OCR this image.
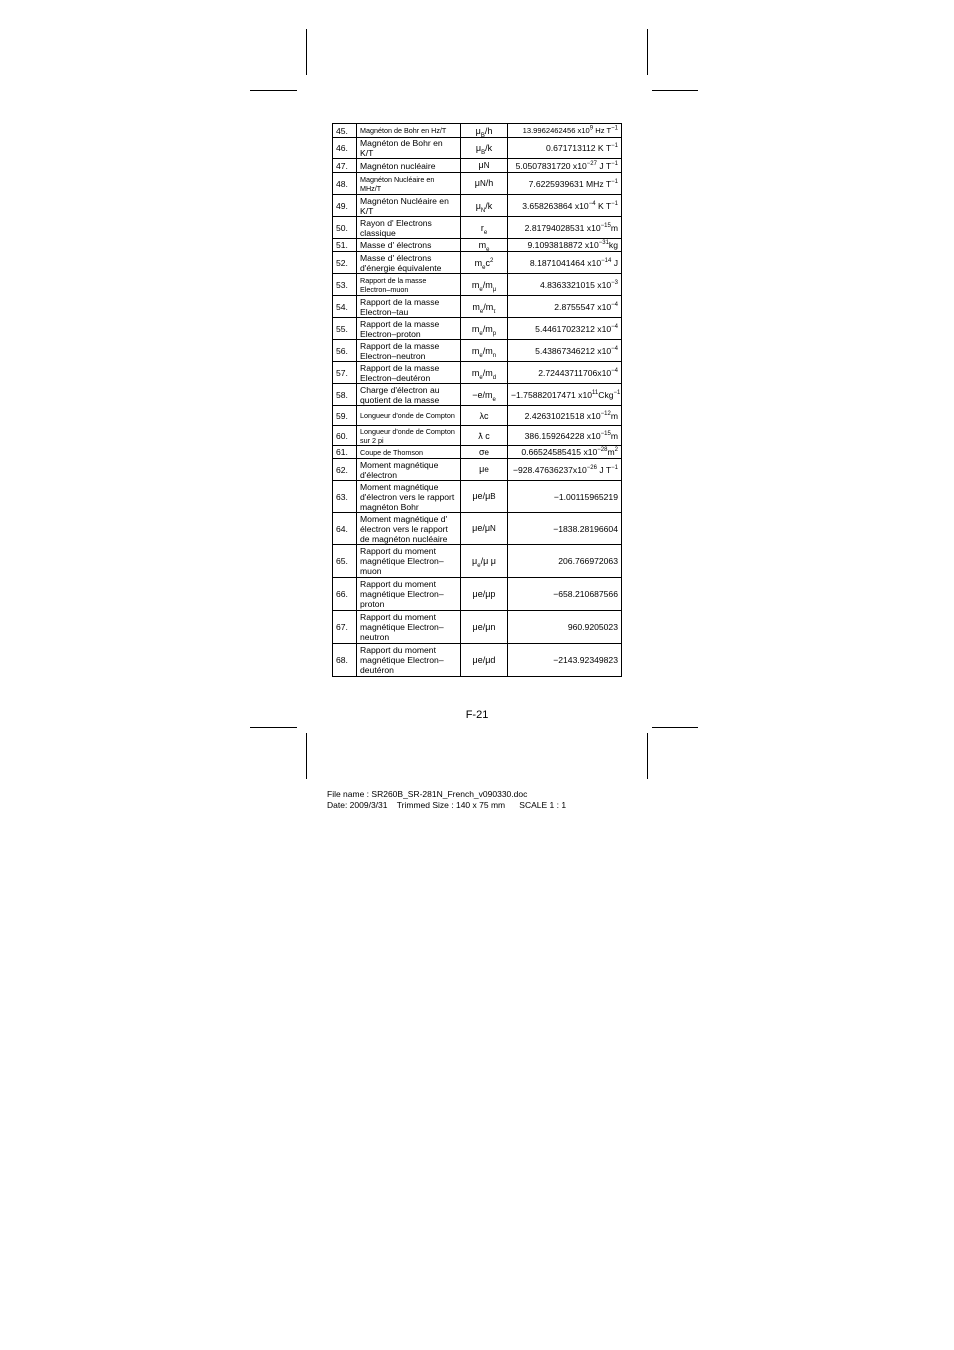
45.	Magnéton de Bohr en Hz/T	$\mu_B/h$	13.9962462456 $x10^9$ Hz $T^{-1}$
46.	Magnéton de Bohr en K/T	$\mu_B/k$	0.671713112 K $T^{-1}$
47.	Magnéton nucléaire	μN	5.0507831720 $x10^{-27}$ J $T^{-1}$
48.	Magnéton Nucléaire en MHz/T	μN/h	7.6225939631 MHz $T^{-1}$
49.	Magnéton Nucléaire en K/T	$\mu_N/k$	3.658263864 $x10^{-4}$ K $T^{-1}$
50.	Rayon d' Electrons classique	$r_e$	2.81794028531 $x10^{-15}m$
51.	Masse d' électrons	$m_e$	9.1093818872 $x10^{-31}kg$
52.	Masse d' électrons d'énergie équivalente	$m_ec^2$	8.1871041464 $x10^{-14}$ J
53.	Rapport de la masse Electron–muon	$m_e/m_\mu$	4.8363321015 $x10^{-3}$
54.	Rapport de la masse Electron–tau	$m_e/m_\tau$	2.8755547 $x10^{-4}$
55.	Rapport de la masse Electron–proton	$m_e/m_p$	5.44617023212 $x10^{-4}$
56.	Rapport de la masse Electron–neutron	$m_e/m_n$	5.43867346212 $x10^{-4}$
57.	Rapport de la masse Electron–deutéron	$m_e/m_d$	$2.72443711706x10^{-4}$
58.	Charge d'électron au quotient de la masse	$-e/m_e$	−1.75882017471 $x10^{11}Ckg^{-1}$
59.	Longueur d'onde de Compton	λc	2.42631021518 $x10^{-12}m$
60.	Longueur d'onde de Compton sur 2 pi	ƛ c	386.159264228 $x10^{-15}m$
61.	Coupe de Thomson	σe	0.66524585415 $x10^{-28}m^2$
62.	Moment magnétique d'électron	μe	$-928.47636237x10^{-26}$ J $T^{-1}$
63.	Moment magnétique d'électron vers le rapport magnéton Bohr	μe/μB	−1.00115965219
64.	Moment magnétique d' électron vers le rapport de magnéton nucléaire	μe/μN	−1838.28196604
65.	Rapport du moment magnétique Electron–muon	$\mu_e/\mu$ μ	206.766972063
66.	Rapport du moment magnétique Electron–proton	μe/μp	−658.210687566
67.	Rapport du moment magnétique Electron–neutron	μe/μn	960.9205023
68.	Rapport du moment magnétique Electron–deutéron	μe/μd	−2143.92349823
F-21
File name : SR260B_SR-281N_French_v090330.doc
Date: 2009/3/31    Trimmed Size : 140 x 75 mm      SCALE 1 : 1
